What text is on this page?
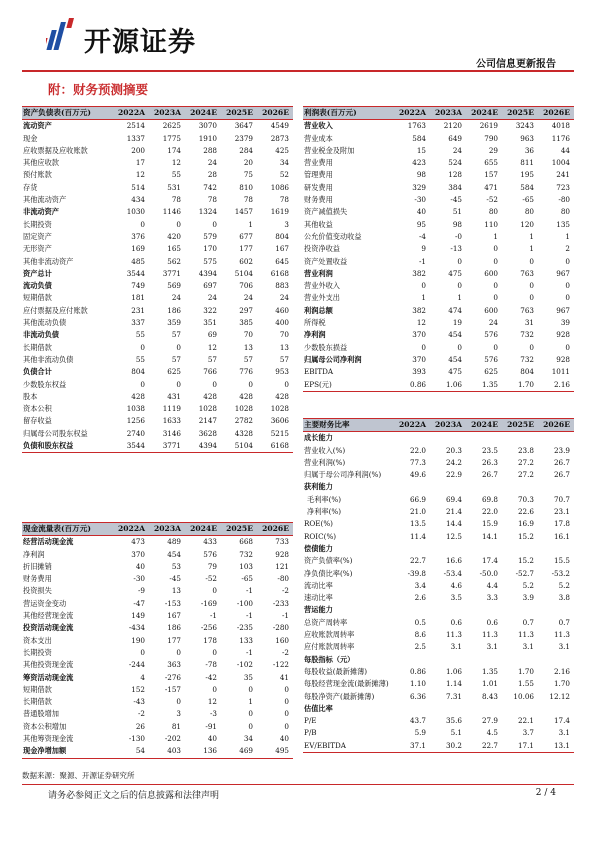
开源证券
公司信息更新报告
附：财务预测摘要
资产负债表(百万元)	2022A	2023A	2024E	2025E	2026E
流动资产	2514	2625	3070	3647	4549
现金	1337	1775	1910	2379	2873
应收票据及应收账款	200	174	288	284	425
其他应收款	17	12	24	20	34
预付账款	12	55	28	75	52
存货	514	531	742	810	1086
其他流动资产	434	78	78	78	78
非流动资产	1030	1146	1324	1457	1619
长期投资	0	0	0	1	3
固定资产	376	420	579	677	804
无形资产	169	165	170	177	167
其他非流动资产	485	562	575	602	645
资产总计	3544	3771	4394	5104	6168
流动负债	749	569	697	706	883
短期借款	181	24	24	24	24
应付票据及应付账款	231	186	322	297	460
其他流动负债	337	359	351	385	400
非流动负债	55	57	69	70	70
长期借款	0	0	12	13	13
其他非流动负债	55	57	57	57	57
负债合计	804	625	766	776	953
少数股东权益	0	0	0	0	0
股本	428	431	428	428	428
资本公积	1038	1119	1028	1028	1028
留存收益	1256	1633	2147	2782	3606
归属母公司股东权益	2740	3146	3628	4328	5215
负债和股东权益	3544	3771	4394	5104	6168
利润表(百万元)	2022A	2023A	2024E	2025E	2026E
营业收入	1763	2120	2619	3243	4018
营业成本	584	649	790	963	1176
营业税金及附加	15	24	29	36	44
营业费用	423	524	655	811	1004
管理费用	98	128	157	195	241
研发费用	329	384	471	584	723
财务费用	-30	-45	-52	-65	-80
资产减值损失	40	51	80	80	80
其他收益	95	98	110	120	135
公允价值变动收益	-4	-0	1	1	1
投资净收益	9	-13	0	1	2
资产处置收益	-1	0	0	0	0
营业利润	382	475	600	763	967
营业外收入	0	0	0	0	0
营业外支出	1	1	0	0	0
利润总额	382	474	600	763	967
所得税	12	19	24	31	39
净利润	370	454	576	732	928
少数股东损益	0	0	0	0	0
归属母公司净利润	370	454	576	732	928
EBITDA	393	475	625	804	1011
EPS(元)	0.86	1.06	1.35	1.70	2.16
现金流量表(百万元)	2022A	2023A	2024E	2025E	2026E
经营活动现金流	473	489	433	668	733
净利润	370	454	576	732	928
折旧摊销	40	53	79	103	121
财务费用	-30	-45	-52	-65	-80
投资损失	-9	13	0	-1	-2
营运资金变动	-47	-153	-169	-100	-233
其他经营现金流	149	167	-1	-1	-1
投资活动现金流	-434	186	-256	-235	-280
资本支出	190	177	178	133	160
长期投资	0	0	0	-1	-2
其他投资现金流	-244	363	-78	-102	-122
筹资活动现金流	4	-276	-42	35	41
短期借款	152	-157	0	0	0
长期借款	-43	0	12	1	0
普通股增加	-2	3	-3	0	0
资本公积增加	26	81	-91	0	0
其他筹资现金流	-130	-202	40	34	40
现金净增加额	54	403	136	469	495
主要财务比率	2022A	2023A	2024E	2025E	2026E
成长能力					
营业收入(%)	22.0	20.3	23.5	23.8	23.9
营业利润(%)	77.3	24.2	26.3	27.2	26.7
归属于母公司净利润(%)	49.6	22.9	26.7	27.2	26.7
获利能力					
毛利率(%)	66.9	69.4	69.8	70.3	70.7
净利率(%)	21.0	21.4	22.0	22.6	23.1
ROE(%)	13.5	14.4	15.9	16.9	17.8
ROIC(%)	11.4	12.5	14.1	15.2	16.1
偿债能力					
资产负债率(%)	22.7	16.6	17.4	15.2	15.5
净负债比率(%)	-39.8	-53.4	-50.0	-52.7	-53.2
流动比率	3.4	4.6	4.4	5.2	5.2
速动比率	2.6	3.5	3.3	3.9	3.8
营运能力					
总资产周转率	0.5	0.6	0.6	0.7	0.7
应收账款周转率	8.6	11.3	11.3	11.3	11.3
应付账款周转率	2.5	3.1	3.1	3.1	3.1
每股指标（元）					
每股收益(最新摊薄)	0.86	1.06	1.35	1.70	2.16
每股经营现金流(最新摊薄)	1.10	1.14	1.01	1.55	1.70
每股净资产(最新摊薄)	6.36	7.31	8.43	10.06	12.12
估值比率					
P/E	43.7	35.6	27.9	22.1	17.4
P/B	5.9	5.1	4.5	3.7	3.1
EV/EBITDA	37.1	30.2	22.7	17.1	13.1
数据来源：聚源、开源证券研究所
请务必参阅正文之后的信息披露和法律声明	2 / 4
